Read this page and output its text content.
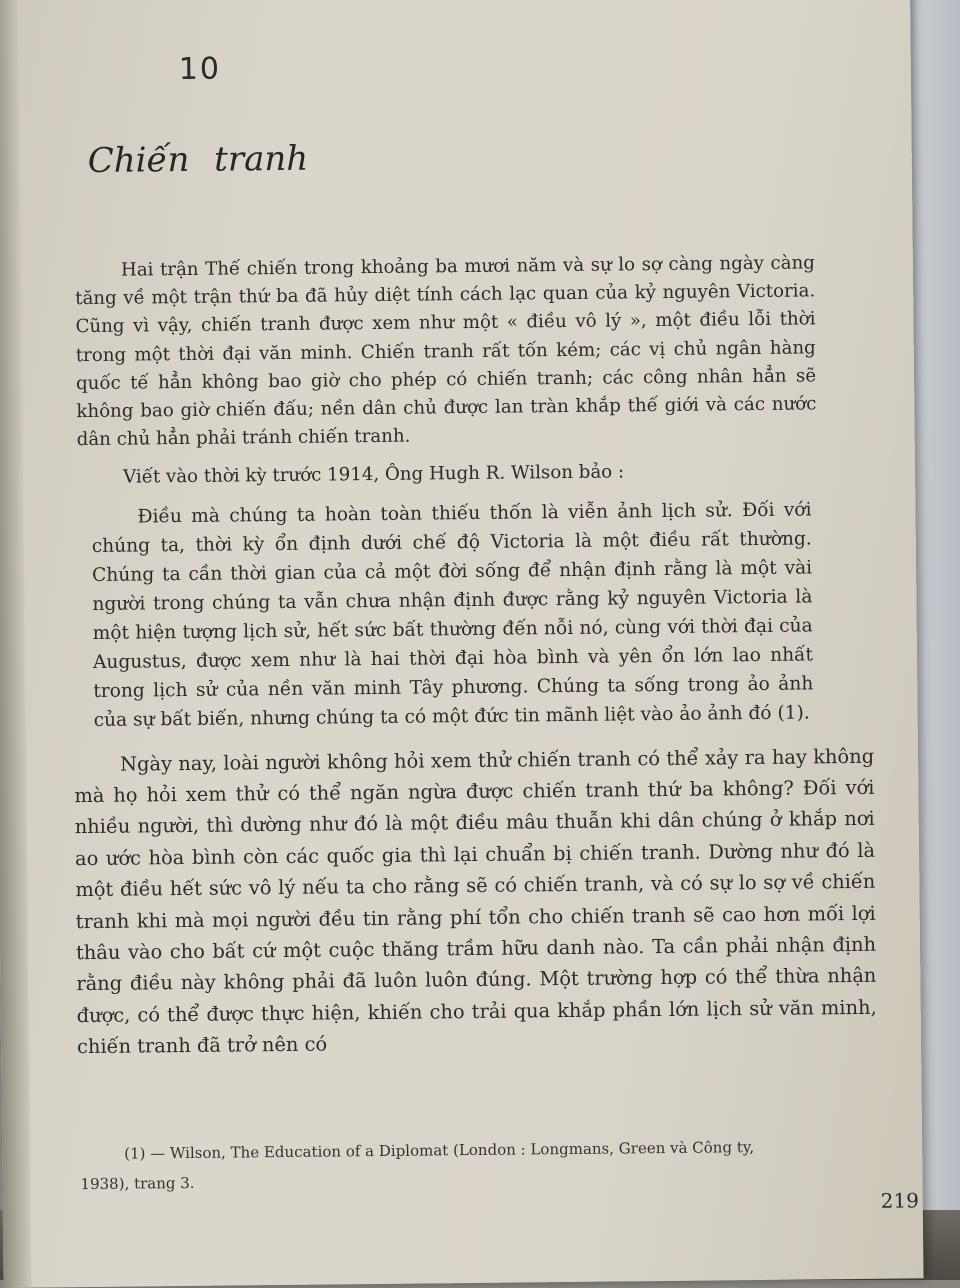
10
Chiến tranh

Hai trận Thế chiến trong khoảng ba mươi năm và sự lo sợ càng ngày càng tăng về một trận thứ ba đã hủy diệt tính cách lạc quan của kỷ nguyên Victoria. Cũng vì vậy, chiến tranh được xem như một « điều vô lý », một điều lỗi thời trong một thời đại văn minh. Chiến tranh rất tốn kém; các vị chủ ngân hàng quốc tế hẳn không bao giờ cho phép có chiến tranh; các công nhân hẳn sẽ không bao giờ chiến đấu; nền dân chủ được lan tràn khắp thế giới và các nước dân chủ hẳn phải tránh chiến tranh.

Viết vào thời kỳ trước 1914, Ông Hugh R. Wilson bảo :

Điều mà chúng ta hoàn toàn thiếu thốn là viễn ảnh lịch sử. Đối với chúng ta, thời kỳ ổn định dưới chế độ Victoria là một điều rất thường. Chúng ta cần thời gian của cả một đời sống để nhận định rằng là một vài người trong chúng ta vẫn chưa nhận định được rằng kỷ nguyên Victoria là một hiện tượng lịch sử, hết sức bất thường đến nỗi nó, cùng với thời đại của Augustus, được xem như là hai thời đại hòa bình và yên ổn lớn lao nhất trong lịch sử của nền văn minh Tây phương. Chúng ta sống trong ảo ảnh của sự bất biến, nhưng chúng ta có một đức tin mãnh liệt vào ảo ảnh đó (1).

Ngày nay, loài người không hỏi xem thử chiến tranh có thể xảy ra hay không mà họ hỏi xem thử có thể ngăn ngừa được chiến tranh thứ ba không? Đối với nhiều người, thì dường như đó là một điều mâu thuẫn khi dân chúng ở khắp nơi ao ước hòa bình còn các quốc gia thì lại chuẩn bị chiến tranh. Dường như đó là một điều hết sức vô lý nếu ta cho rằng sẽ có chiến tranh, và có sự lo sợ về chiến tranh khi mà mọi người đều tin rằng phí tổn cho chiến tranh sẽ cao hơn mối lợi thâu vào cho bất cứ một cuộc thăng trầm hữu danh nào. Ta cần phải nhận định rằng điều này không phải đã luôn luôn đúng. Một trường hợp có thể thừa nhận được, có thể được thực hiện, khiến cho trải qua khắp phần lớn lịch sử văn minh, chiến tranh đã trở nên có

(1) — Wilson, The Education of a Diplomat (London : Longmans, Green và Công ty,

1938), trang 3.

219
